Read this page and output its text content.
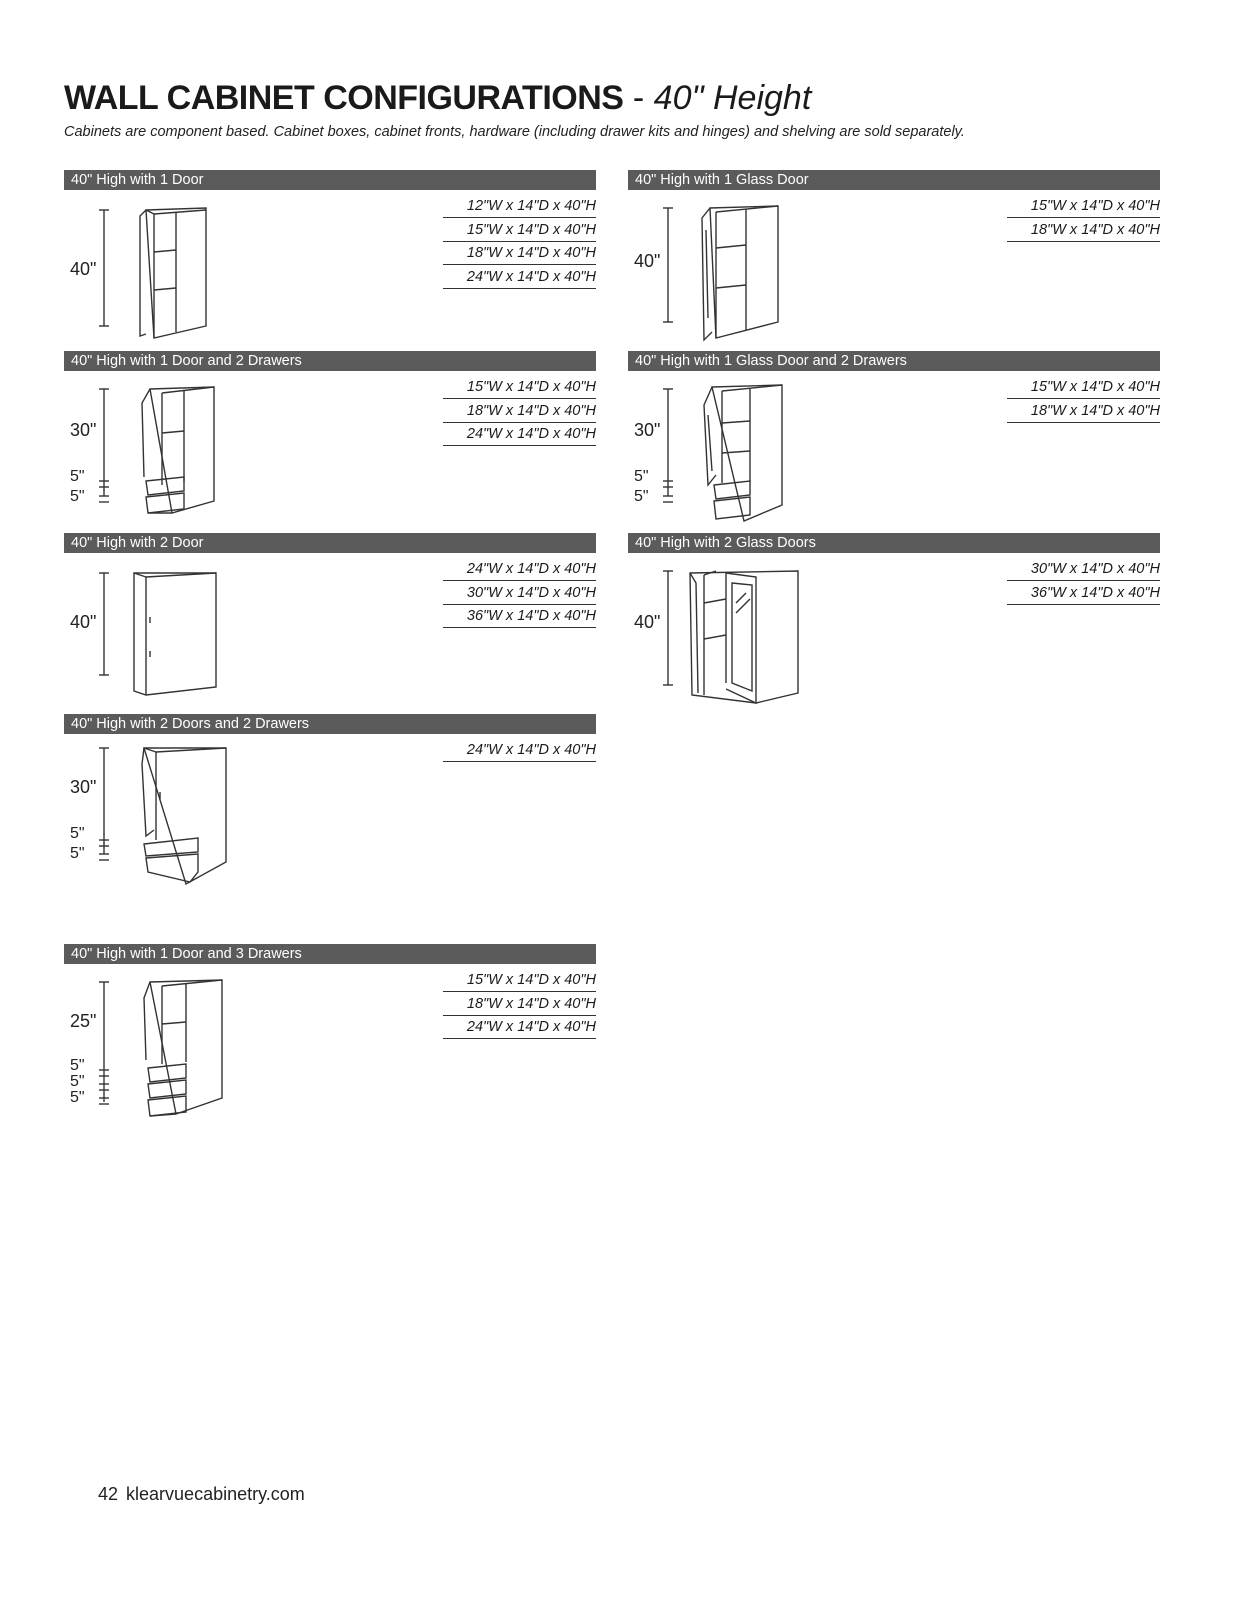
WALL CABINET CONFIGURATIONS - 40" Height
Cabinets are component based. Cabinet boxes, cabinet fronts, hardware (including drawer kits and hinges) and shelving are sold separately.
40" High with 1 Door
12"W x 14"D x 40"H
15"W x 14"D x 40"H
18"W x 14"D x 40"H
24"W x 14"D x 40"H
40"
40" High with 1 Glass Door
15"W x 14"D x 40"H
18"W x 14"D x 40"H
40"
40" High with 1 Door and 2 Drawers
15"W x 14"D x 40"H
18"W x 14"D x 40"H
24"W x 14"D x 40"H
30"
5"
5"
40" High with 1 Glass Door and 2 Drawers
15"W x 14"D x 40"H
18"W x 14"D x 40"H
30"
5"
5"
40" High with 2 Door
24"W x 14"D x 40"H
30"W x 14"D x 40"H
36"W x 14"D x 40"H
40"
40" High with 2 Glass Doors
30"W x 14"D x 40"H
36"W x 14"D x 40"H
40"
40" High with 2 Doors and 2 Drawers
24"W x 14"D x 40"H
30"
5"
5"
40" High with 1 Door and 3 Drawers
15"W x 14"D x 40"H
18"W x 14"D x 40"H
24"W x 14"D x 40"H
25"
5"
5"
5"
42 klearvuecabinetry.com
